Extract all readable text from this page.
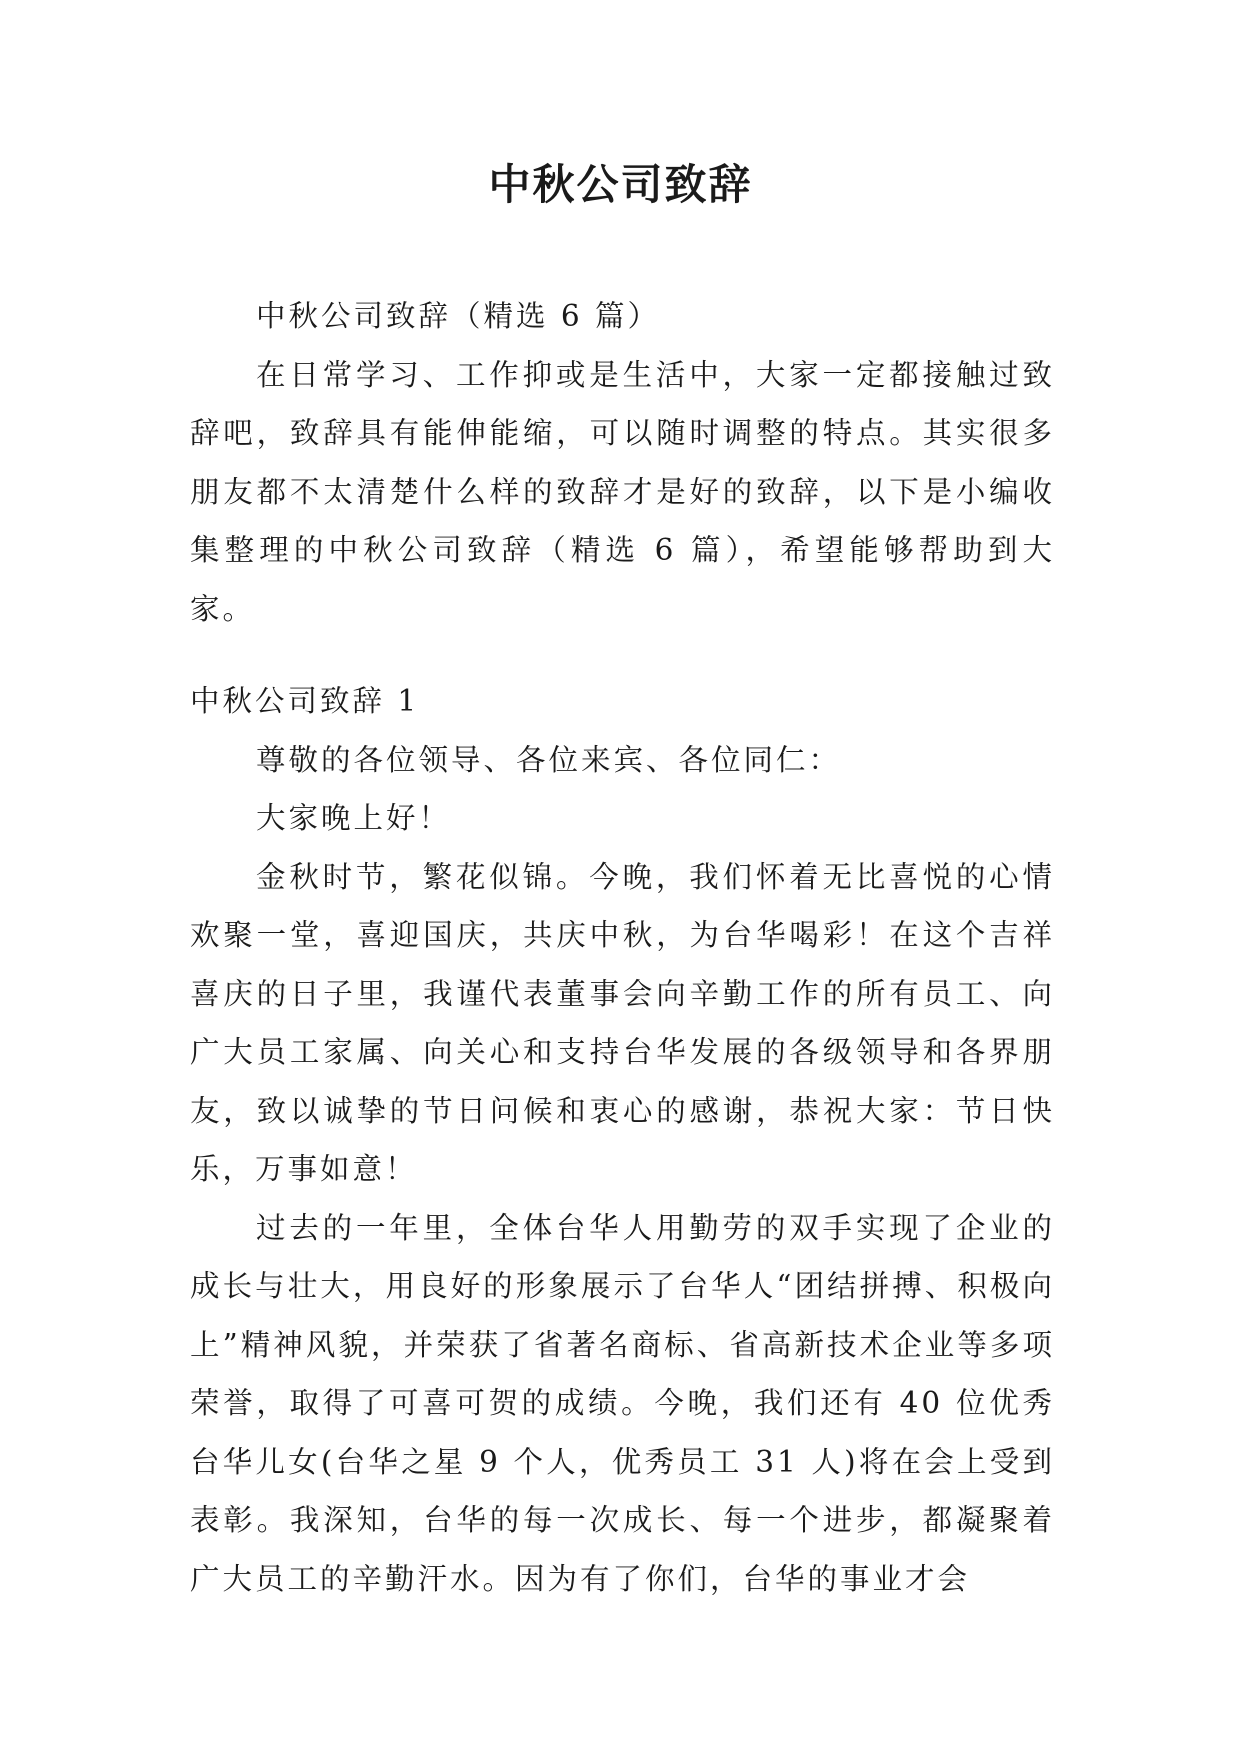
中秋公司致辞

中秋公司致辞（精选 6 篇）

在日常学习、工作抑或是生活中，大家一定都接触过致辞吧，致辞具有能伸能缩，可以随时调整的特点。其实很多朋友都不太清楚什么样的致辞才是好的致辞，以下是小编收集整理的中秋公司致辞（精选 6 篇），希望能够帮助到大家。

中秋公司致辞 1

尊敬的各位领导、各位来宾、各位同仁：

大家晚上好！

金秋时节，繁花似锦。今晚，我们怀着无比喜悦的心情欢聚一堂，喜迎国庆，共庆中秋，为台华喝彩！在这个吉祥喜庆的日子里，我谨代表董事会向辛勤工作的所有员工、向广大员工家属、向关心和支持台华发展的各级领导和各界朋友，致以诚挚的节日问候和衷心的感谢，恭祝大家：节日快乐，万事如意！

过去的一年里，全体台华人用勤劳的双手实现了企业的成长与壮大，用良好的形象展示了台华人“团结拼搏、积极向上”精神风貌，并荣获了省著名商标、省高新技术企业等多项荣誉，取得了可喜可贺的成绩。今晚，我们还有 40 位优秀台华儿女(台华之星 9 个人，优秀员工 31 人)将在会上受到表彰。我深知，台华的每一次成长、每一个进步，都凝聚着广大员工的辛勤汗水。因为有了你们，台华的事业才会
